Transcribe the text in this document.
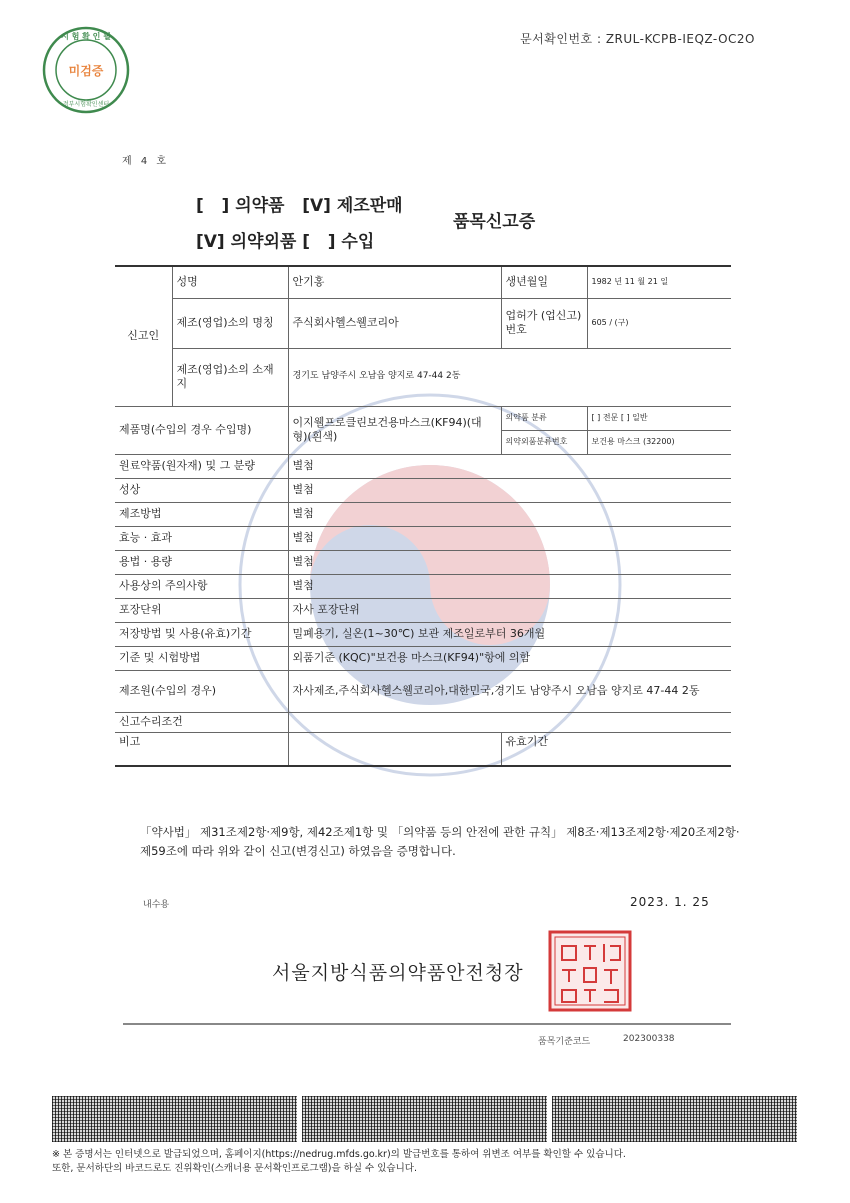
시 험 확 인 필
미검증
정부시험확인센터
문서확인번호 : ZRUL-KCPB-IEQZ-OC2O
제 4 호
[   ] 의약품   [V] 제조판매
[V] 의약외품 [   ] 수입
품목신고증
신고인	성명	안기홍	생년월일	1982 년 11 월 21 일
	제조(영업)소의 명칭	주식회사헬스웰코리아	업허가 (업신고)번호	605 / (구)
	제조(영업)소의 소재지	경기도 남양주시 오남읍 양지로 47-44 2동		
제품명(수입의 경우 수입명)		이지웰프로클린보건용마스크(KF94)(대형)(흰색)	의약품 분류	[ ] 전문 [ ] 일반
			의약외품분류번호	보건용 마스크 (32200)
원료약품(원자재) 및 그 분량		별첨		
성상		별첨		
제조방법		별첨		
효능 · 효과		별첨		
용법 · 용량		별첨		
사용상의 주의사항		별첨		
포장단위		자사 포장단위		
저장방법 및 사용(유효)기간		밀폐용기, 실온(1~30℃) 보관 제조일로부터 36개월		
기준 및 시험방법		외품기준 (KQC)"보건용 마스크(KF94)"항에 의함		
제조원(수입의 경우)		자사제조,주식회사헬스웰코리아,대한민국,경기도 남양주시 오남읍 양지로 47-44 2동		
신고수리조건				
비고			유효기간	
「약사법」 제31조제2항·제9항, 제42조제1항 및 「의약품 등의 안전에 관한 규칙」 제8조·제13조제2항·제20조제2항·제59조에 따라 위와 같이 신고(변경신고) 하였음을 증명합니다.
내수용	2023. 1. 25
서울지방식품의약품안전청장
품목기준코드	202300338
※ 본 증명서는 인터넷으로 발급되었으며, 홈페이지(https://nedrug.mfds.go.kr)의 발급번호를 통하여 위변조 여부를 확인할 수 있습니다.
또한, 문서하단의 바코드로도 진위확인(스캐너용 문서확인프로그램)을 하실 수 있습니다.
